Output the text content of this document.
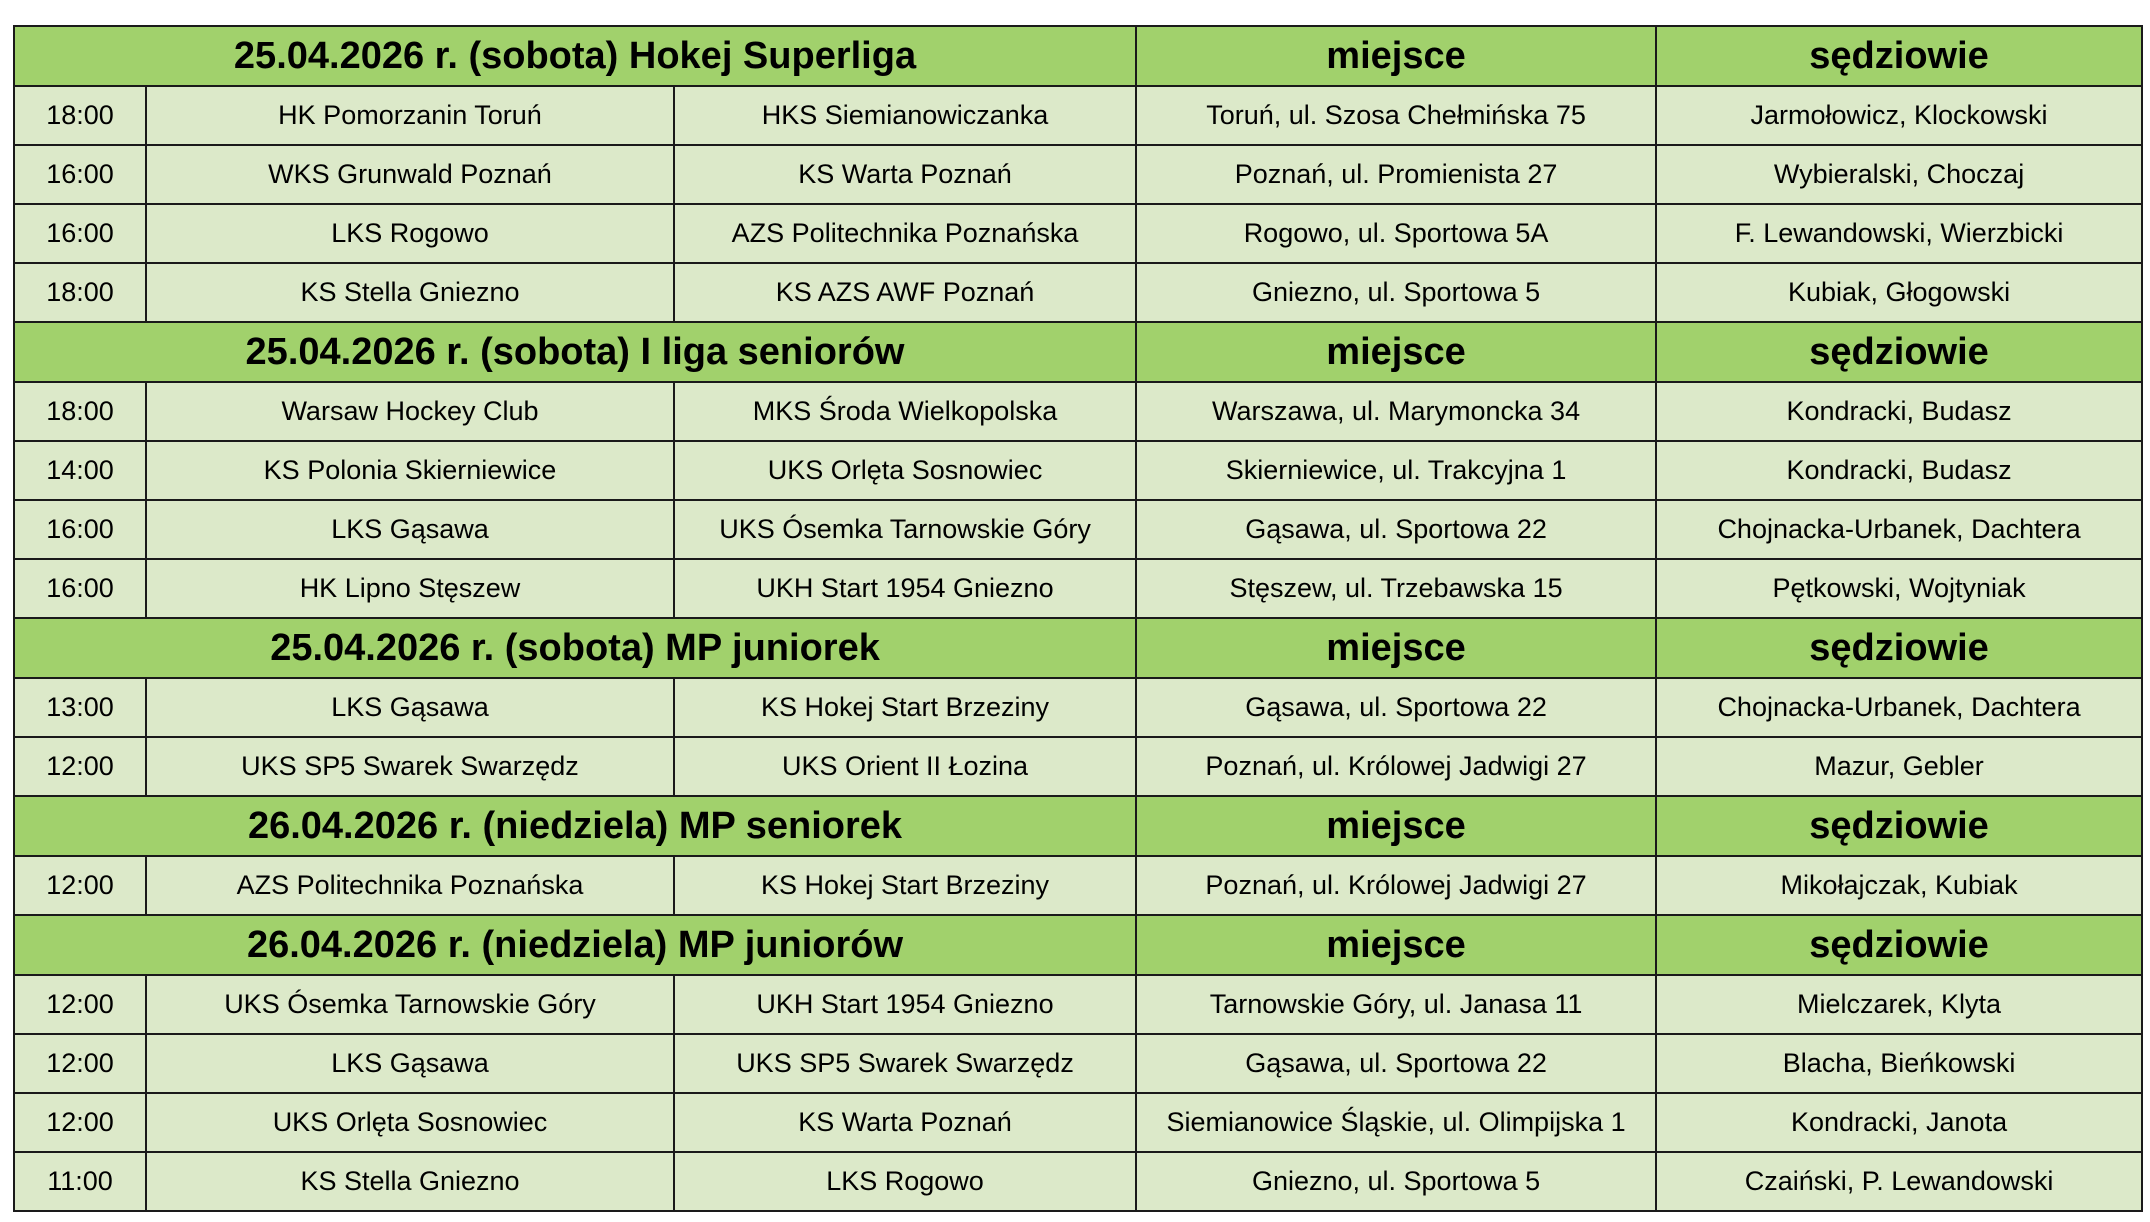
25.04.2026 r. (sobota) Hokej Superliga			miejsce	sędziowie
18:00	HK Pomorzanin Toruń	HKS Siemianowiczanka	Toruń, ul. Szosa Chełmińska 75	Jarmołowicz, Klockowski
16:00	WKS Grunwald Poznań	KS Warta Poznań	Poznań, ul. Promienista 27	Wybieralski, Choczaj
16:00	LKS Rogowo	AZS Politechnika Poznańska	Rogowo, ul. Sportowa 5A	F. Lewandowski, Wierzbicki
18:00	KS Stella Gniezno	KS AZS AWF Poznań	Gniezno, ul. Sportowa 5	Kubiak, Głogowski
25.04.2026 r. (sobota) I liga seniorów			miejsce	sędziowie
18:00	Warsaw Hockey Club	MKS Środa Wielkopolska	Warszawa, ul. Marymoncka 34	Kondracki, Budasz
14:00	KS Polonia Skierniewice	UKS Orlęta Sosnowiec	Skierniewice, ul. Trakcyjna 1	Kondracki, Budasz
16:00	LKS Gąsawa	UKS Ósemka Tarnowskie Góry	Gąsawa, ul. Sportowa 22	Chojnacka-Urbanek, Dachtera
16:00	HK Lipno Stęszew	UKH Start 1954 Gniezno	Stęszew, ul. Trzebawska 15	Pętkowski, Wojtyniak
25.04.2026 r. (sobota) MP juniorek			miejsce	sędziowie
13:00	LKS Gąsawa	KS Hokej Start Brzeziny	Gąsawa, ul. Sportowa 22	Chojnacka-Urbanek, Dachtera
12:00	UKS SP5 Swarek Swarzędz	UKS Orient II Łozina	Poznań, ul. Królowej Jadwigi 27	Mazur, Gebler
26.04.2026 r. (niedziela) MP seniorek			miejsce	sędziowie
12:00	AZS Politechnika Poznańska	KS Hokej Start Brzeziny	Poznań, ul. Królowej Jadwigi 27	Mikołajczak, Kubiak
26.04.2026 r. (niedziela) MP juniorów			miejsce	sędziowie
12:00	UKS Ósemka Tarnowskie Góry	UKH Start 1954 Gniezno	Tarnowskie Góry, ul. Janasa 11	Mielczarek, Klyta
12:00	LKS Gąsawa	UKS SP5 Swarek Swarzędz	Gąsawa, ul. Sportowa 22	Blacha, Bieńkowski
12:00	UKS Orlęta Sosnowiec	KS Warta Poznań	Siemianowice Śląskie, ul. Olimpijska 1	Kondracki, Janota
11:00	KS Stella Gniezno	LKS Rogowo	Gniezno, ul. Sportowa 5	Czaiński, P. Lewandowski
